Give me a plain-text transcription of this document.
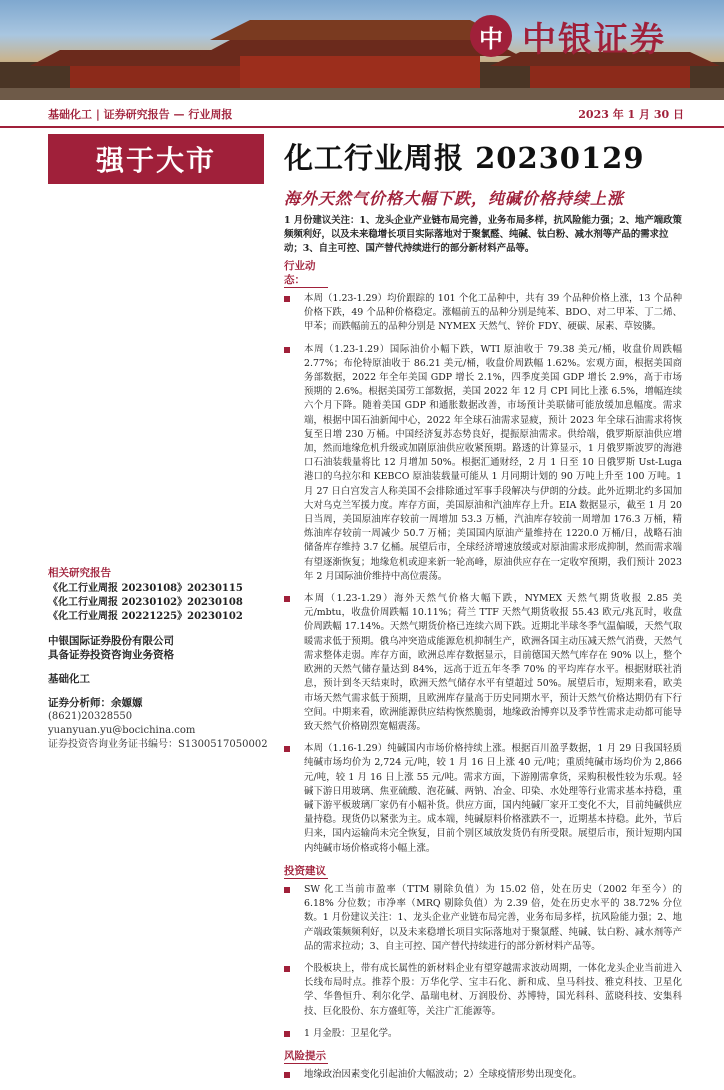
中 中银证券
基础化工 | 证券研究报告 — 行业周报	2023 年 1 月 30 日
强于大市	化工行业周报 20230129
海外天然气价格大幅下跌，纯碱价格持续上涨
1 月份建议关注：1、龙头企业产业链布局完善，业务布局多样，抗风险能力强；2、地产端政策频频利好，以及未来稳增长项目实际落地对于聚氯醛、纯碱、钛白粉、减水剂等产品的需求拉动；3、自主可控、国产替代持续进行的部分新材料产品等。
行业动态：
本周（1.23-1.29）均价跟踪的 101 个化工品种中，共有 39 个品种价格上涨，13 个品种价格下跌，49 个品种价格稳定。涨幅前五的品种分别是纯苯、BDO、对二甲苯、丁二烯、甲苯；而跌幅前五的品种分别是 NYMEX 天然气、锌价 FDY、硬碳、尿素、草铵膦。
本周（1.23-1.29）国际油价小幅下跌，WTI 原油收于 79.38 美元/桶，收盘价周跌幅 2.77%；布伦特原油收于 86.21 美元/桶，收盘价周跌幅 1.62%。宏观方面，根据美国商务部数据，2022 年全年美国 GDP 增长 2.1%，四季度美国 GDP 增长 2.9%，高于市场预期的 2.6%。根据美国劳工部数据，美国 2022 年 12 月 CPI 同比上涨 6.5%，增幅连续六个月下降。随着美国 GDP 和通胀数据改善，市场预计美联储可能放缓加息幅度。需求端，根据中国石油新闻中心，2022 年全球石油需求显疲，预计 2023 年全球石油需求将恢复至日增 230 万桶。中国经济复苏态势良好，提振原油需求。供给端，俄罗斯原油供应增加，然而地缘危机升级或加剧原油供应收紧预期。路透的计算显示，1 月俄罗斯波罗的海港口石油装载量将比 12 月增加 50%。根据汇通财经，2 月 1 日至 10 日俄罗斯 Ust-Luga 港口的乌拉尔和 KEBCO 原油装载量可能从 1 月同期计划的 90 万吨上升至 100 万吨。1 月 27 日白宫发言人称美国不会排除通过军事手段解决与伊朗的分歧。此外近期北约多国加大对乌克兰军援力度。库存方面，美国原油和汽油库存上升。EIA 数据显示，截至 1 月 20 日当周，美国原油库存较前一周增加 53.3 万桶，汽油库存较前一周增加 176.3 万桶，精炼油库存较前一周减少 50.7 万桶；美国国内原油产量维持在 1220.0 万桶/日，战略石油储备库存维持 3.7 亿桶。展望后市，全球经济增速放缓或对原油需求形成抑制，然而需求端有望逐渐恢复；地缘危机或迎来新一轮高峰，原油供应存在一定收窄预期，我们预计 2023 年 2 月国际油价维持中高位震荡。
本周（1.23-1.29）海外天然气价格大幅下跌，NYMEX 天然气期货收报 2.85 美元/mbtu，收盘价周跌幅 10.11%；荷兰 TTF 天然气期货收报 55.43 欧元/兆瓦时，收盘价周跌幅 17.14%。天然气期货价格已连续六周下跌。近期北半球冬季气温偏暖，天然气取暖需求低于预期。俄乌冲突造成能源危机抑制生产，欧洲各国主动压减天然气消费，天然气需求整体走弱。库存方面，欧洲总库存数据显示，目前德国天然气库存在 90% 以上，整个欧洲的天然气储存量达到 84%，远高于近五年冬季 70% 的平均库存水平。根据财联社消息，预计到冬天结束时，欧洲天然气储存水平有望超过 50%。展望后市，短期来看，欧美市场天然气需求低于预期，且欧洲库存量高于历史同期水平，预计天然气价格达期仍有下行空间。中期来看，欧洲能源供应结构恢然脆弱，地缘政治博弈以及季节性需求走动都可能导致天然气价格剧烈宽幅震荡。
本周（1.16-1.29）纯碱国内市场价格持续上涨。根据百川盈孚数据，1 月 29 日我国轻质纯碱市场均价为 2,724 元/吨，较 1 月 16 日上涨 40 元/吨；重质纯碱市场均价为 2,866 元/吨，较 1 月 16 日上涨 55 元/吨。需求方面，下游刚需拿货，采购积极性较为乐观。轻碱下游日用玻璃、焦亚硫酸、泡花碱、两钠、冶金、印染、水处理等行业需求基本持稳，重碱下游平板玻璃厂家仍有小幅补货。供应方面，国内纯碱厂家开工变化不大，目前纯碱供应量持稳。现货仍以紧张为主。成本端，纯碱原料价格涨跌不一，近期基本持稳。此外，节后归来，国内运输尚未完全恢复，目前个别区域放发货仍有所受限。展望后市，预计短期内国内纯碱市场价格或将小幅上涨。
投资建议
SW 化工当前市盈率（TTM 剔除负值）为 15.02 倍，处在历史（2002 年至今）的 6.18% 分位数；市净率（MRQ 剔除负值）为 2.39 倍，处在历史水平的 38.72% 分位数。1 月份建议关注：1、龙头企业产业链布局完善，业务布局多样，抗风险能力强；2、地产端政策频频利好，以及未来稳增长项目实际落地对于聚氯醛、纯碱、钛白粉、减水剂等产品的需求拉动；3、自主可控、国产替代持续进行的部分新材料产品等。
个股板块上，带有成长属性的新材料企业有望穿越需求波动周期，一体化龙头企业当前进入长线布局时点。推荐个股：万华化学、宝丰石化、新和成、皇马科技、雅克科技、卫星化学、华鲁恒升、利尔化学、晶瑞电材、万润股份、苏博特，国光科科、蓝晓科技、安集科技、巨化股份、东方盛虹等，关注广汇能源等。
1 月金股：卫星化学。
风险提示
地缘政治因素变化引起油价大幅波动；2）全球疫情形势出现变化。
相关研究报告
《化工行业周报 20230108》20230115
《化工行业周报 20230102》20230108
《化工行业周报 20221225》20230102
中银国际证券股份有限公司
具备证券投资咨询业务资格
基础化工
证券分析师：余嫄嫄
(8621)20328550
yuanyuan.yu@bocichina.com
证券投资咨询业务证书编号：S1300517050002
